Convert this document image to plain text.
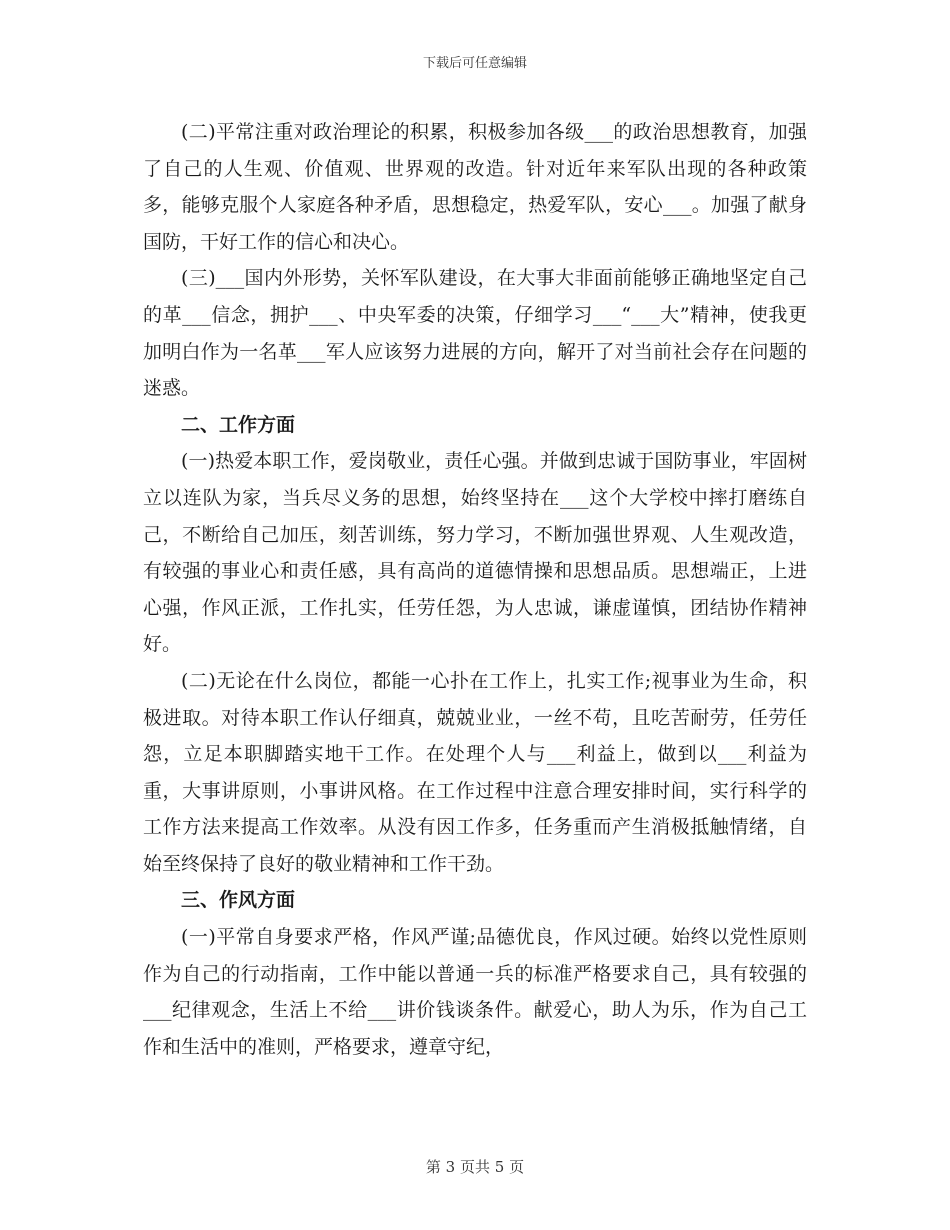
下载后可任意编辑

(二)平常注重对政治理论的积累，积极参加各级___的政治思想教育，加强了自己的人生观、价值观、世界观的改造。针对近年来军队出现的各种政策多，能够克服个人家庭各种矛盾，思想稳定，热爱军队，安心___。加强了献身国防，干好工作的信心和决心。

(三)___国内外形势，关怀军队建设，在大事大非面前能够正确地坚定自己的革___信念，拥护___、中央军委的决策，仔细学习___“___大”精神，使我更加明白作为一名革___军人应该努力进展的方向，解开了对当前社会存在问题的迷惑。

二、工作方面

(一)热爱本职工作，爱岗敬业，责任心强。并做到忠诚于国防事业，牢固树立以连队为家，当兵尽义务的思想，始终坚持在___这个大学校中摔打磨练自己，不断给自己加压，刻苦训练，努力学习，不断加强世界观、人生观改造，有较强的事业心和责任感，具有高尚的道德情操和思想品质。思想端正，上进心强，作风正派，工作扎实，任劳任怨，为人忠诚，谦虚谨慎，团结协作精神好。

(二)无论在什么岗位，都能一心扑在工作上，扎实工作;视事业为生命，积极进取。对待本职工作认仔细真，兢兢业业，一丝不苟，且吃苦耐劳，任劳任怨，立足本职脚踏实地干工作。在处理个人与___利益上，做到以___利益为重，大事讲原则，小事讲风格。在工作过程中注意合理安排时间，实行科学的工作方法来提高工作效率。从没有因工作多，任务重而产生消极抵触情绪，自始至终保持了良好的敬业精神和工作干劲。

三、作风方面

(一)平常自身要求严格，作风严谨;品德优良，作风过硬。始终以党性原则作为自己的行动指南，工作中能以普通一兵的标准严格要求自己，具有较强的___纪律观念，生活上不给___讲价钱谈条件。献爱心，助人为乐，作为自己工作和生活中的准则，严格要求，遵章守纪，

第 3 页共 5 页
